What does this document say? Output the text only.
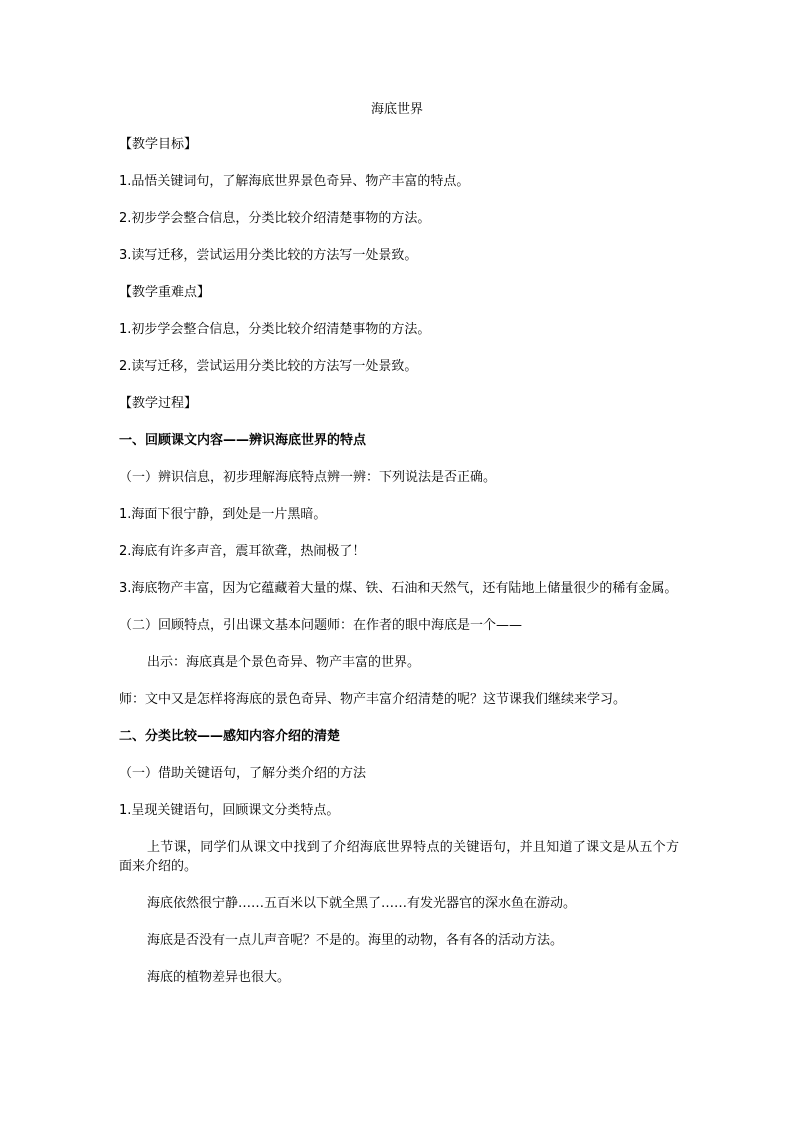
海底世界

【教学目标】

1.品悟关键词句，了解海底世界景色奇异、物产丰富的特点。

2.初步学会整合信息，分类比较介绍清楚事物的方法。

3.读写迁移，尝试运用分类比较的方法写一处景致。

【教学重难点】

1.初步学会整合信息，分类比较介绍清楚事物的方法。

2.读写迁移，尝试运用分类比较的方法写一处景致。

【教学过程】

一、回顾课文内容——辨识海底世界的特点

（一）辨识信息，初步理解海底特点辨一辨：下列说法是否正确。

1.海面下很宁静，到处是一片黑暗。

2.海底有许多声音，震耳欲聋，热闹极了！

3.海底物产丰富，因为它蕴藏着大量的煤、铁、石油和天然气，还有陆地上储量很少的稀有金属。

（二）回顾特点，引出课文基本问题师：在作者的眼中海底是一个——

出示：海底真是个景色奇异、物产丰富的世界。

师：文中又是怎样将海底的景色奇异、物产丰富介绍清楚的呢？这节课我们继续来学习。

二、分类比较——感知内容介绍的清楚

（一）借助关键语句，了解分类介绍的方法

1.呈现关键语句，回顾课文分类特点。

上节课，同学们从课文中找到了介绍海底世界特点的关键语句，并且知道了课文是从五个方面来介绍的。

海底依然很宁静……五百米以下就全黑了……有发光器官的深水鱼在游动。

海底是否没有一点儿声音呢？不是的。海里的动物，各有各的活动方法。

海底的植物差异也很大。
